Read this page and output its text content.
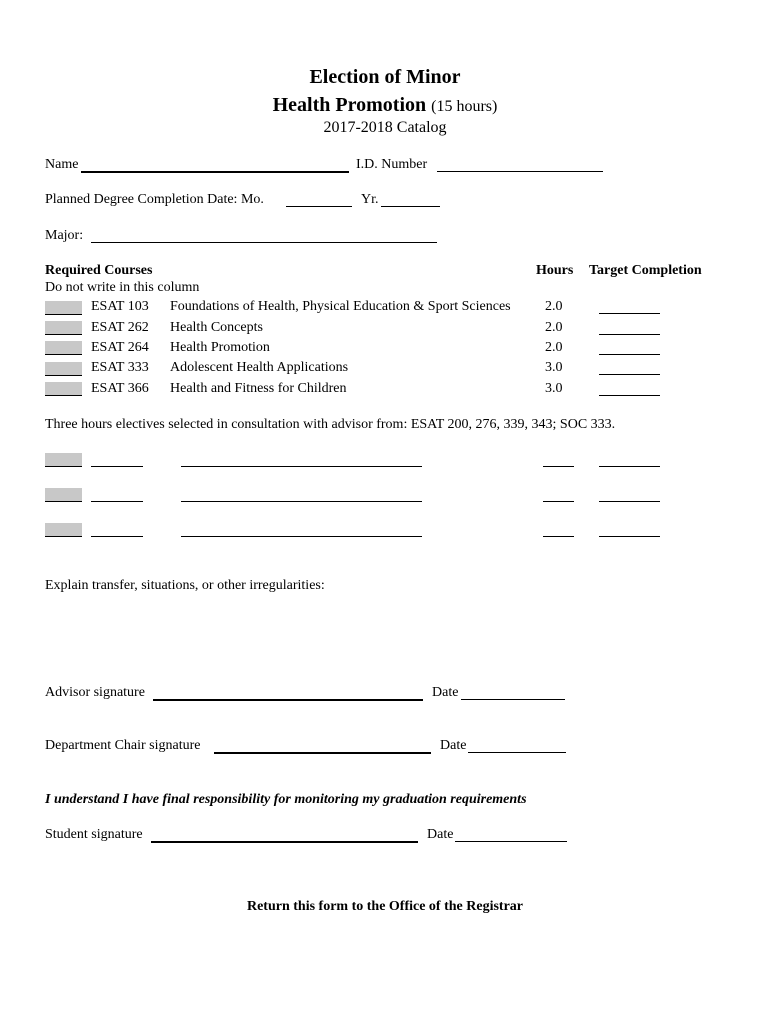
Election of Minor
Health Promotion (15 hours)
2017-2018 Catalog
Name	I.D. Number
Planned Degree Completion Date: Mo.	Yr.
Major:
Required Courses	Hours Target Completion
Do not write in this column
ESAT 103 Foundations of Health, Physical Education & Sport Sciences 2.0
ESAT 262 Health Concepts	2.0
ESAT 264 Health Promotion	2.0
ESAT 333 Adolescent Health Applications	3.0
ESAT 366 Health and Fitness for Children	3.0
Three hours electives selected in consultation with advisor from: ESAT 200, 276, 339, 343; SOC 333.
Explain transfer, situations, or other irregularities:
Advisor signature	Date
Department Chair signature	Date
I understand I have final responsibility for monitoring my graduation requirements
Student signature	Date
Return this form to the Office of the Registrar
